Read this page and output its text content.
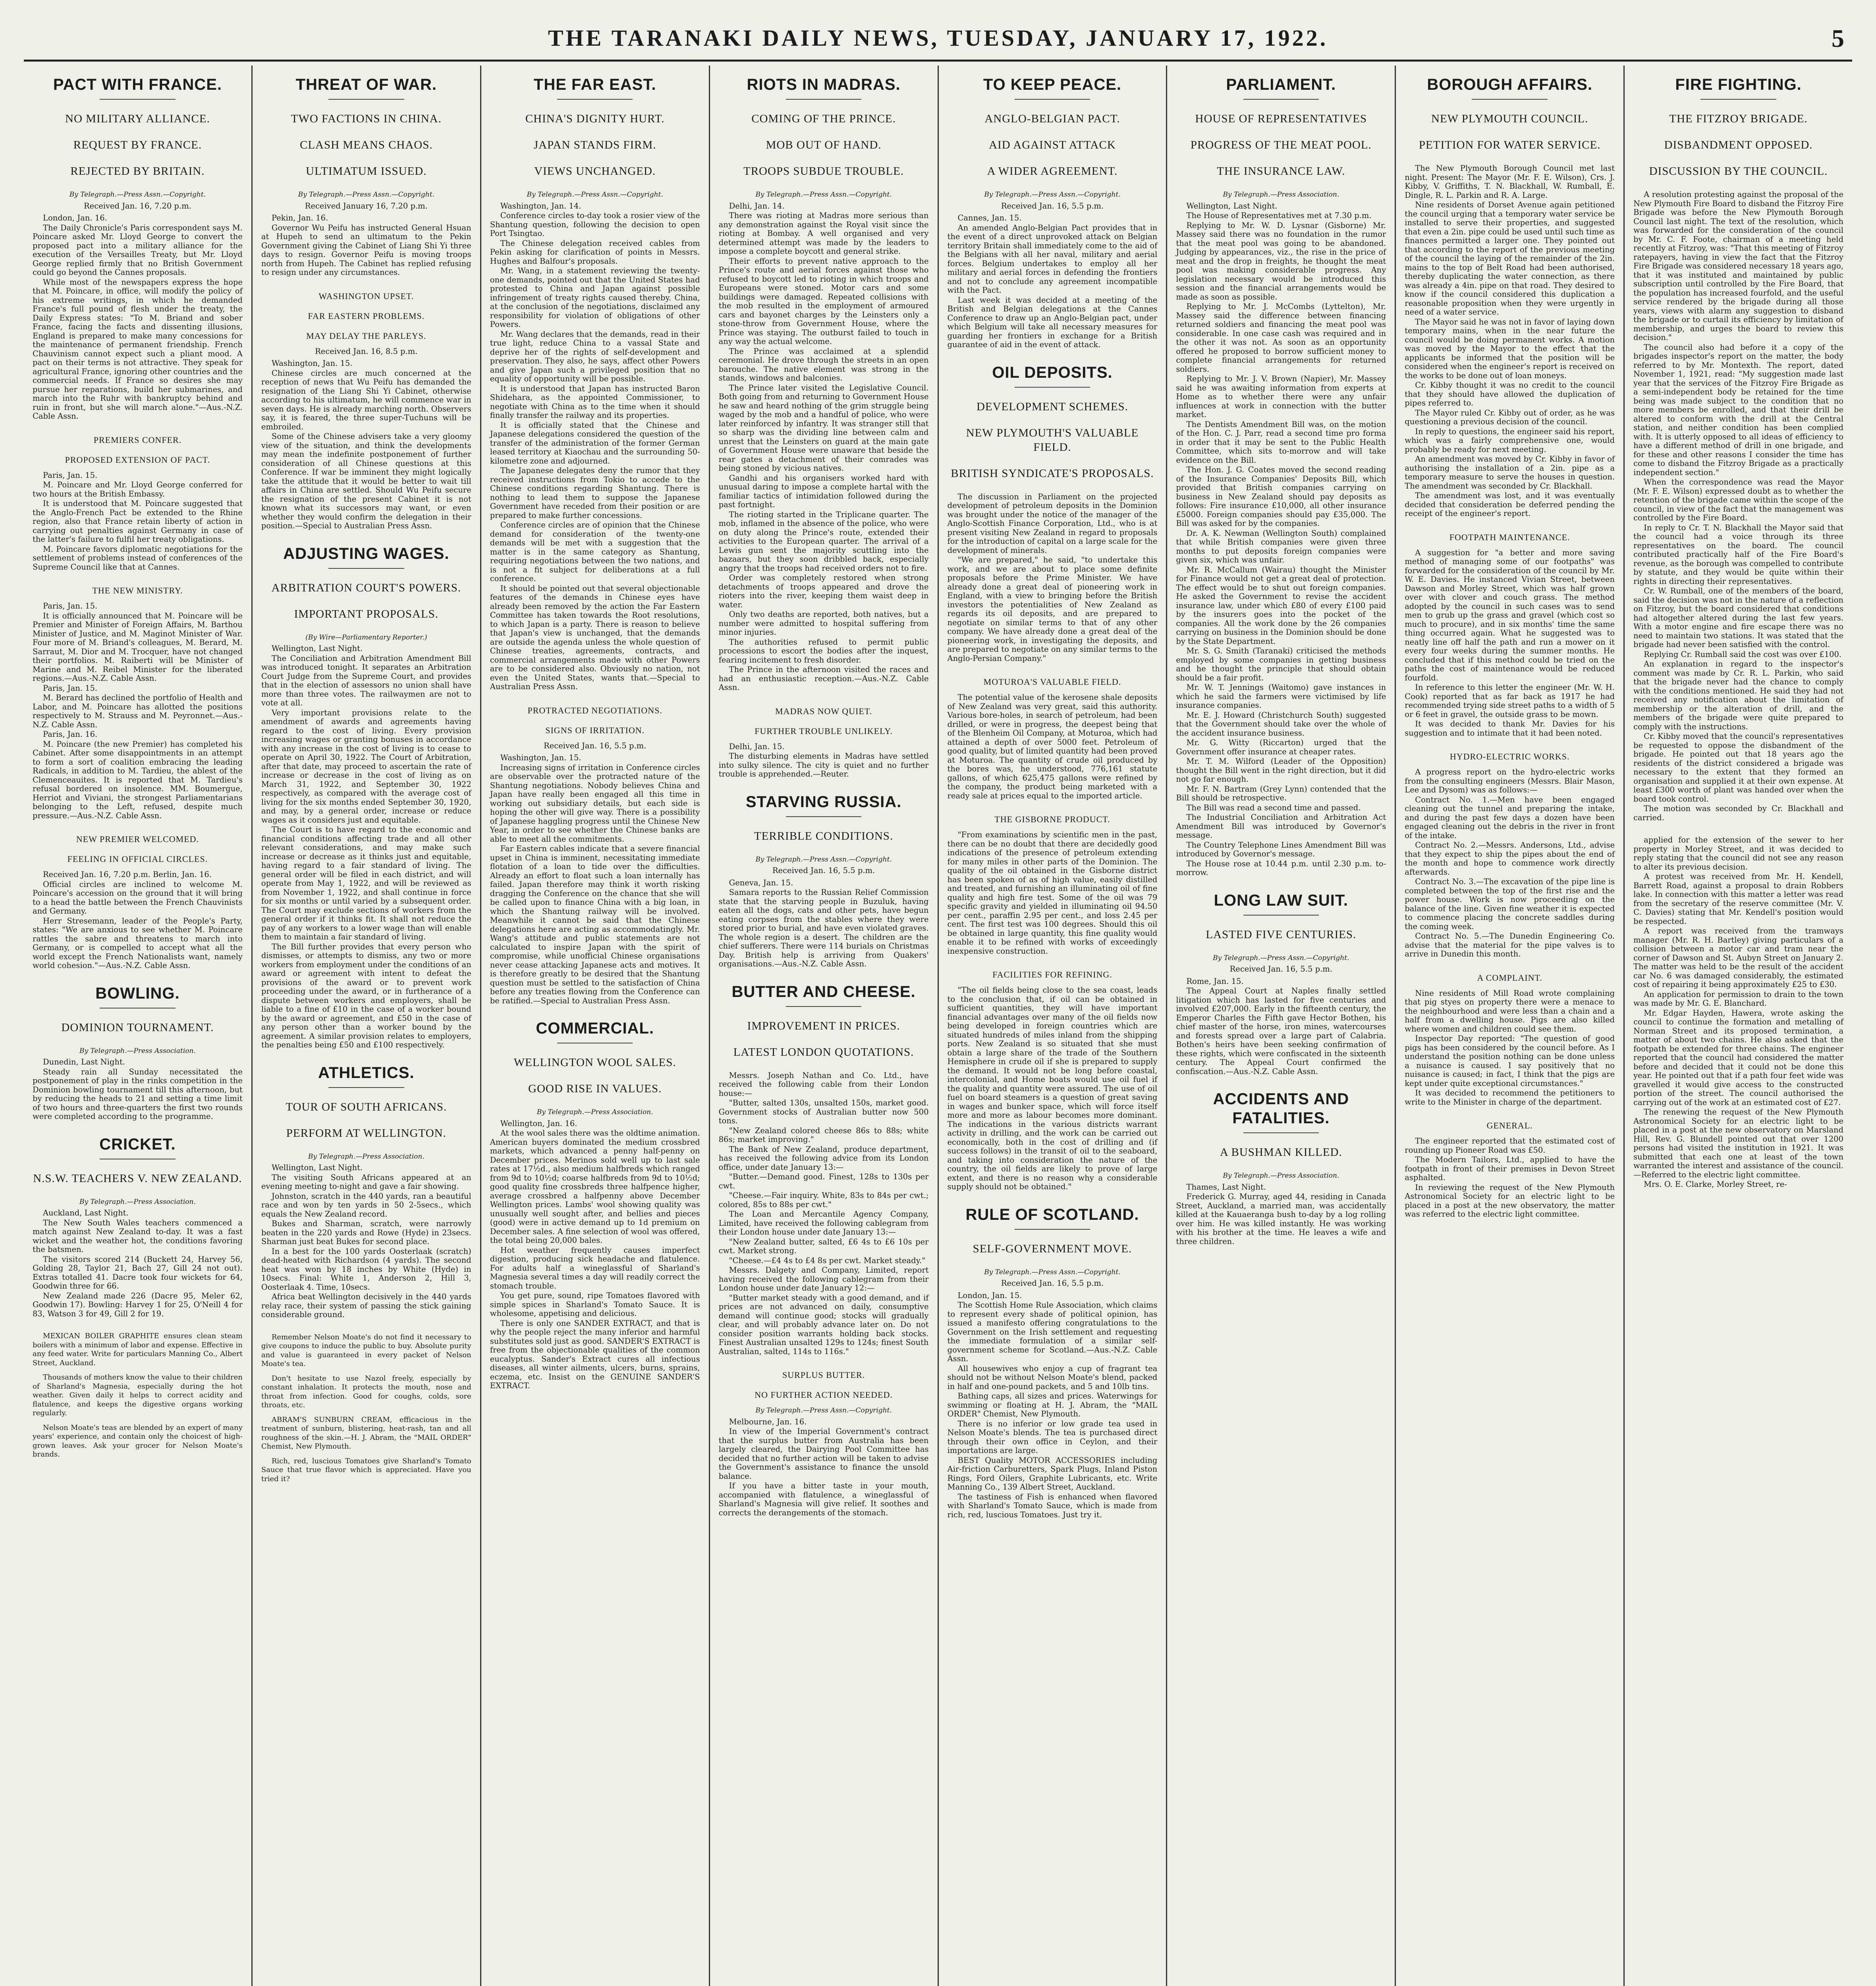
THE TARANAKI DAILY NEWS, TUESDAY, JANUARY 17, 1922.	5
PACT WITH FRANCE.
NO MILITARY ALLIANCE.
REQUEST BY FRANCE.
REJECTED BY BRITAIN.
By Telegraph.—Press Assn.—Copyright.
Received Jan. 16, 7.20 p.m.

London, Jan. 16.

The Daily Chronicle's Paris correspondent says M. Poincare asked Mr. Lloyd George to convert the proposed pact into a military alliance for the execution of the Versailles Treaty, but Mr. Lloyd George replied firmly that no British Government could go beyond the Cannes proposals.

While most of the newspapers express the hope that M. Poincare, in office, will modify the policy of his extreme writings, in which he demanded France's full pound of flesh under the treaty, the Daily Express states: "To M. Briand and sober France, facing the facts and dissenting illusions, England is prepared to make many concessions for the maintenance of permanent friendship. French Chauvinism cannot expect such a pliant mood. A pact on their terms is not attractive. They speak for agricultural France, ignoring other countries and the commercial needs. If France so desires she may pursue her reparations, build her submarines, and march into the Ruhr with bankruptcy behind and ruin in front, but she will march alone."—Aus.-N.Z. Cable Assn.

PREMIERS CONFER.
PROPOSED EXTENSION OF PACT.

Paris, Jan. 15.

M. Poincare and Mr. Lloyd George conferred for two hours at the British Embassy.

It is understood that M. Poincare suggested that the Anglo-French Pact be extended to the Rhine region, also that France retain liberty of action in carrying out penalties against Germany in case of the latter's failure to fulfil her treaty obligations.

M. Poincare favors diplomatic negotiations for the settlement of problems instead of conferences of the Supreme Council like that at Cannes.

THE NEW MINISTRY.

Paris, Jan. 15.

It is officially announced that M. Poincare will be Premier and Minister of Foreign Affairs, M. Barthou Minister of Justice, and M. Maginot Minister of War. Four more of M. Briand's colleagues, M. Berard, M. Sarraut, M. Dior and M. Trocquer, have not changed their portfolios. M. Raiberti will be Minister of Marine and M. Reibel Minister for the liberated regions.—Aus.-N.Z. Cable Assn.

Paris, Jan. 15.

M. Berard has declined the portfolio of Health and Labor, and M. Poincare has allotted the positions respectively to M. Strauss and M. Peyronnet.—Aus.-N.Z. Cable Assn.

Paris, Jan. 16.

M. Poincare (the new Premier) has completed his Cabinet. After some disappointments in an attempt to form a sort of coalition embracing the leading Radicals, in addition to M. Tardieu, the ablest of the Clemenceauites. It is reported that M. Tardieu's refusal bordered on insolence. MM. Boumergue, Herriot and Viviani, the strongest Parliamentarians belonging to the Left, refused, despite much pressure.—Aus.-N.Z. Cable Assn.

NEW PREMIER WELCOMED.
FEELING IN OFFICIAL CIRCLES.

Received Jan. 16, 7.20 p.m. Berlin, Jan. 16.

Official circles are inclined to welcome M. Poincare's accession on the ground that it will bring to a head the battle between the French Chauvinists and Germany.

Herr Stresemann, leader of the People's Party, states: "We are anxious to see whether M. Poincare rattles the sabre and threatens to march into Germany, or is compelled to accept what all the world except the French Nationalists want, namely world cohesion."—Aus.-N.Z. Cable Assn.

BOWLING.
DOMINION TOURNAMENT.
By Telegraph.—Press Association.

Dunedin, Last Night.

Steady rain all Sunday necessitated the postponement of play in the rinks competition in the Dominion bowling tournament till this afternoon, but by reducing the heads to 21 and setting a time limit of two hours and three-quarters the first two rounds were completed according to the programme.

CRICKET.
N.S.W. TEACHERS V. NEW ZEALAND.
By Telegraph.—Press Association.

Auckland, Last Night.

The New South Wales teachers commenced a match against New Zealand to-day. It was a fast wicket and the weather hot, the conditions favoring the batsmen.

The visitors scored 214 (Buckett 24, Harvey 56, Golding 28, Taylor 21, Bach 27, Gill 24 not out). Extras totalled 41. Dacre took four wickets for 64, Goodwin three for 66.

New Zealand made 226 (Dacre 95, Meler 62, Goodwin 17). Bowling: Harvey 1 for 25, O'Neill 4 for 83, Watson 3 for 49, Gill 2 for 19.

MEXICAN BOILER GRAPHITE ensures clean steam boilers with a minimum of labor and expense. Effective in any feed water. Write for particulars Manning Co., Albert Street, Auckland.

Thousands of mothers know the value to their children of Sharland's Magnesia, especially during the hot weather. Given daily it helps to correct acidity and flatulence, and keeps the digestive organs working regularly.

Nelson Moate's teas are blended by an expert of many years' experience, and contain only the choicest of high-grown leaves. Ask your grocer for Nelson Moate's brands.

THREAT OF WAR.
TWO FACTIONS IN CHINA.
CLASH MEANS CHAOS.
ULTIMATUM ISSUED.
By Telegraph.—Press Assn.—Copyright.
Received January 16, 7.20 p.m.

Pekin, Jan. 16.

Governor Wu Peifu has instructed General Hsuan at Hupeh to send an ultimatum to the Pekin Government giving the Cabinet of Liang Shi Yi three days to resign. Governor Peifu is moving troops north from Hupeh. The Cabinet has replied refusing to resign under any circumstances.

WASHINGTON UPSET.
FAR EASTERN PROBLEMS.
MAY DELAY THE PARLEYS.
Received Jan. 16, 8.5 p.m.

Washington, Jan. 15.

Chinese circles are much concerned at the reception of news that Wu Peifu has demanded the resignation of the Liang Shi Yi Cabinet, otherwise according to his ultimatum, he will commence war in seven days. He is already marching north. Observers say, it is feared, the three super-Tuchuns will be embroiled.

Some of the Chinese advisers take a very gloomy view of the situation, and think the developments may mean the indefinite postponement of further consideration of all Chinese questions at this Conference. If war be imminent they might logically take the attitude that it would be better to wait till affairs in China are settled. Should Wu Peifu secure the resignation of the present Cabinet it is not known what its successors may want, or even whether they would confirm the delegation in their position.—Special to Australian Press Assn.

ADJUSTING WAGES.
ARBITRATION COURT'S POWERS.
IMPORTANT PROPOSALS.
(By Wire—Parliamentary Reporter.)

Wellington, Last Night.

The Conciliation and Arbitration Amendment Bill was introduced tonight. It separates an Arbitration Court Judge from the Supreme Court, and provides that in the election of assessors no union shall have more than three votes. The railwaymen are not to vote at all.

Very important provisions relate to the amendment of awards and agreements having regard to the cost of living. Every provision increasing wages or granting bonuses in accordance with any increase in the cost of living is to cease to operate on April 30, 1922. The Court of Arbitration, after that date, may proceed to ascertain the rate of increase or decrease in the cost of living as on March 31, 1922, and September 30, 1922 respectively, as compared with the average cost of living for the six months ended September 30, 1920, and may, by a general order, increase or reduce wages as it considers just and equitable.

The Court is to have regard to the economic and financial conditions affecting trade and all other relevant considerations, and may make such increase or decrease as it thinks just and equitable, having regard to a fair standard of living. The general order will be filed in each district, and will operate from May 1, 1922, and will be reviewed as from November 1, 1922, and shall continue in force for six months or until varied by a subsequent order. The Court may exclude sections of workers from the general order if it thinks fit. It shall not reduce the pay of any workers to a lower wage than will enable them to maintain a fair standard of living.

The Bill further provides that every person who dismisses, or attempts to dismiss, any two or more workers from employment under the conditions of an award or agreement with intent to defeat the provisions of the award or to prevent work proceeding under the award, or in furtherance of a dispute between workers and employers, shall be liable to a fine of £10 in the case of a worker bound by the award or agreement, and £50 in the case of any person other than a worker bound by the agreement. A similar provision relates to employers, the penalties being £50 and £100 respectively.

ATHLETICS.
TOUR OF SOUTH AFRICANS.
PERFORM AT WELLINGTON.
By Telegraph.—Press Association.

Wellington, Last Night.

The visiting South Africans appeared at an evening meeting to-night and gave a fair showing.

Johnston, scratch in the 440 yards, ran a beautiful race and won by ten yards in 50 2-5secs., which equals the New Zealand record.

Bukes and Sharman, scratch, were narrowly beaten in the 220 yards and Rowe (Hyde) in 23secs. Sharman just beat Bukes for second place.

In a best for the 100 yards Oosterlaak (scratch) dead-heated with Richardson (4 yards). The second heat was won by 18 inches by White (Hyde) in 10secs. Final: White 1, Anderson 2, Hill 3, Oosterlaak 4. Time, 10secs.

Africa beat Wellington decisively in the 440 yards relay race, their system of passing the stick gaining considerable ground.

Remember Nelson Moate's do not find it necessary to give coupons to induce the public to buy. Absolute purity and value is guaranteed in every packet of Nelson Moate's tea.

Don't hesitate to use Nazol freely, especially by constant inhalation. It protects the mouth, nose and throat from infection. Good for coughs, colds, sore throats, etc.

ABRAM'S SUNBURN CREAM, efficacious in the treatment of sunburn, blistering, heat-rash, tan and all roughness of the skin.—H. J. Abram, the "MAIL ORDER" Chemist, New Plymouth.

Rich, red, luscious Tomatoes give Sharland's Tomato Sauce that true flavor which is appreciated. Have you tried it?

THE FAR EAST.
CHINA'S DIGNITY HURT.
JAPAN STANDS FIRM.
VIEWS UNCHANGED.
By Telegraph.—Press Assn.—Copyright.

Washington, Jan. 14.

Conference circles to-day took a rosier view of the Shantung question, following the decision to open Port Tsingtao.

The Chinese delegation received cables from Pekin asking for clarification of points in Messrs. Hughes and Balfour's proposals.

Mr. Wang, in a statement reviewing the twenty-one demands, pointed out that the United States had protested to China and Japan against possible infringement of treaty rights caused thereby. China, at the conclusion of the negotiations, disclaimed any responsibility for violation of obligations of other Powers.

Mr. Wang declares that the demands, read in their true light, reduce China to a vassal State and deprive her of the rights of self-development and preservation. They also, he says, affect other Powers and give Japan such a privileged position that no equality of opportunity will be possible.

It is understood that Japan has instructed Baron Shidehara, as the appointed Commissioner, to negotiate with China as to the time when it should finally transfer the railway and its properties.

It is officially stated that the Chinese and Japanese delegations considered the question of the transfer of the administration of the former German leased territory at Kiaochau and the surrounding 50-kilometre zone and adjourned.

The Japanese delegates deny the rumor that they received instructions from Tokio to accede to the Chinese conditions regarding Shantung. There is nothing to lead them to suppose the Japanese Government have receded from their position or are prepared to make further concessions.

Conference circles are of opinion that the Chinese demand for consideration of the twenty-one demands will be met with a suggestion that the matter is in the same category as Shantung, requiring negotiations between the two nations, and is not a fit subject for deliberations at a full conference.

It should be pointed out that several objectionable features of the demands in Chinese eyes have already been removed by the action the Far Eastern Committee has taken towards the Root resolutions, to which Japan is a party. There is reason to believe that Japan's view is unchanged, that the demands are outside the agenda unless the whole question of Chinese treaties, agreements, contracts, and commercial arrangements made with other Powers are to be considered also. Obviously no nation, not even the United States, wants that.—Special to Australian Press Assn.

PROTRACTED NEGOTIATIONS.
SIGNS OF IRRITATION.
Received Jan. 16, 5.5 p.m.

Washington, Jan. 15.

Increasing signs of irritation in Conference circles are observable over the protracted nature of the Shantung negotiations. Nobody believes China and Japan have really been engaged all this time in working out subsidiary details, but each side is hoping the other will give way. There is a possibility of Japanese haggling progress until the Chinese New Year, in order to see whether the Chinese banks are able to meet all the commitments.

Far Eastern cables indicate that a severe financial upset in China is imminent, necessitating immediate flotation of a loan to tide over the difficulties. Already an effort to float such a loan internally has failed. Japan therefore may think it worth risking dragging the Conference on the chance that she will be called upon to finance China with a big loan, in which the Shantung railway will be involved. Meanwhile it cannot be said that the Chinese delegations here are acting as accommodatingly. Mr. Wang's attitude and public statements are not calculated to inspire Japan with the spirit of compromise, while unofficial Chinese organisations never cease attacking Japanese acts and motives. It is therefore greatly to be desired that the Shantung question must be settled to the satisfaction of China before any treaties flowing from the Conference can be ratified.—Special to Australian Press Assn.

COMMERCIAL.
WELLINGTON WOOL SALES.
GOOD RISE IN VALUES.
By Telegraph.—Press Association.

Wellington, Jan. 16.

At the wool sales there was the oldtime animation. American buyers dominated the medium crossbred markets, which advanced a penny half-penny on December prices. Merinos sold well up to last sale rates at 17½d., also medium halfbreds which ranged from 9d to 10½d; coarse halfbreds from 9d to 10½d; good quality fine crossbreds three halfpence higher, average crossbred a halfpenny above December Wellington prices. Lambs' wool showing quality was unusually well sought after, and bellies and pieces (good) were in active demand up to 1d premium on December sales. A fine selection of wool was offered, the total being 20,000 bales.

Hot weather frequently causes imperfect digestion, producing sick headache and flatulence. For adults half a wineglassful of Sharland's Magnesia several times a day will readily correct the stomach trouble.

You get pure, sound, ripe Tomatoes flavored with simple spices in Sharland's Tomato Sauce. It is wholesome, appetising and delicious.

There is only one SANDER EXTRACT, and that is why the people reject the many inferior and harmful substitutes sold just as good. SANDER'S EXTRACT is free from the objectionable qualities of the common eucalyptus. Sander's Extract cures all infectious diseases, all winter ailments, ulcers, burns, sprains, eczema, etc. Insist on the GENUINE SANDER'S EXTRACT.

RIOTS IN MADRAS.
COMING OF THE PRINCE.
MOB OUT OF HAND.
TROOPS SUBDUE TROUBLE.
By Telegraph.—Press Assn.—Copyright.

Delhi, Jan. 14.

There was rioting at Madras more serious than any demonstration against the Royal visit since the rioting at Bombay. A well organised and very determined attempt was made by the leaders to impose a complete boycott and general strike.

Their efforts to prevent native approach to the Prince's route and aerial forces against those who refused to boycott led to rioting in which troops and Europeans were stoned. Motor cars and some buildings were damaged. Repeated collisions with the mob resulted in the employment of armoured cars and bayonet charges by the Leinsters only a stone-throw from Government House, where the Prince was staying. The outburst failed to touch in any way the actual welcome.

The Prince was acclaimed at a splendid ceremonial. He drove through the streets in an open barouche. The native element was strong in the stands, windows and balconies.

The Prince later visited the Legislative Council. Both going from and returning to Government House he saw and heard nothing of the grim struggle being waged by the mob and a handful of police, who were later reinforced by infantry. It was stranger still that so sharp was the dividing line between calm and unrest that the Leinsters on guard at the main gate of Government House were unaware that beside the rear gates a detachment of their comrades was being stoned by vicious natives.

Gandhi and his organisers worked hard with unusual daring to impose a complete hartal with the familiar tactics of intimidation followed during the past fortnight.

The rioting started in the Triplicane quarter. The mob, inflamed in the absence of the police, who were on duty along the Prince's route, extended their activities to the European quarter. The arrival of a Lewis gun sent the majority scuttling into the bazaars, but they soon dribbled back, especially angry that the troops had received orders not to fire.

Order was completely restored when strong detachments of troops appeared and drove the rioters into the river, keeping them waist deep in water.

Only two deaths are reported, both natives, but a number were admitted to hospital suffering from minor injuries.

The authorities refused to permit public processions to escort the bodies after the inquest, fearing incitement to fresh disorder.

The Prince in the afternoon visited the races and had an enthusiastic reception.—Aus.-N.Z. Cable Assn.

MADRAS NOW QUIET.
FURTHER TROUBLE UNLIKELY.

Delhi, Jan. 15.

The disturbing elements in Madras have settled into sulky silence. The city is quiet and no further trouble is apprehended.—Reuter.

STARVING RUSSIA.
TERRIBLE CONDITIONS.
By Telegraph.—Press Assn.—Copyright.
Received Jan. 16, 5.5 p.m.

Geneva, Jan. 15.

Samara reports to the Russian Relief Commission state that the starving people in Buzuluk, having eaten all the dogs, cats and other pets, have begun eating corpses from the stables where they were stored prior to burial, and have even violated graves. The whole region is a desert. The children are the chief sufferers. There were 114 burials on Christmas Day. British help is arriving from Quakers' organisations.—Aus.-N.Z. Cable Assn.

BUTTER AND CHEESE.
IMPROVEMENT IN PRICES.
LATEST LONDON QUOTATIONS.

Messrs. Joseph Nathan and Co. Ltd., have received the following cable from their London house:—

"Butter, salted 130s, unsalted 150s, market good. Government stocks of Australian butter now 500 tons.

"New Zealand colored cheese 86s to 88s; white 86s; market improving."

The Bank of New Zealand, produce department, has received the following advice from its London office, under date January 13:—

"Butter.—Demand good. Finest, 128s to 130s per cwt.

"Cheese.—Fair inquiry. White, 83s to 84s per cwt.; colored, 85s to 88s per cwt."

The Loan and Mercantile Agency Company, Limited, have received the following cablegram from their London house under date January 13:—

"New Zealand butter, salted, £6 4s to £6 10s per cwt. Market strong.

"Cheese.—£4 4s to £4 8s per cwt. Market steady."

Messrs. Dalgety and Company, Limited, report having received the following cablegram from their London house under date January 12:—

"Butter market steady with a good demand, and if prices are not advanced on daily, consumptive demand will continue good; stocks will gradually clear, and will probably advance later on. Do not consider position warrants holding back stocks. Finest Australian unsalted 129s to 124s; finest South Australian, salted, 114s to 116s."

SURPLUS BUTTER.
NO FURTHER ACTION NEEDED.
By Telegraph.—Press Assn.—Copyright.

Melbourne, Jan. 16.

In view of the Imperial Government's contract that the surplus butter from Australia has been largely cleared, the Dairying Pool Committee has decided that no further action will be taken to advise the Government's assistance to finance the unsold balance.

If you have a bitter taste in your mouth, accompanied with flatulence, a wineglassful of Sharland's Magnesia will give relief. It soothes and corrects the derangements of the stomach.

TO KEEP PEACE.
ANGLO-BELGIAN PACT.
AID AGAINST ATTACK
A WIDER AGREEMENT.
By Telegraph.—Press Assn.—Copyright.
Received Jan. 16, 5.5 p.m.

Cannes, Jan. 15.

An amended Anglo-Belgian Pact provides that in the event of a direct unprovoked attack on Belgian territory Britain shall immediately come to the aid of the Belgians with all her naval, military and aerial forces. Belgium undertakes to employ all her military and aerial forces in defending the frontiers and not to conclude any agreement incompatible with the Pact.

Last week it was decided at a meeting of the British and Belgian delegations at the Cannes Conference to draw up an Anglo-Belgian pact, under which Belgium will take all necessary measures for guarding her frontiers in exchange for a British guarantee of aid in the event of attack.

OIL DEPOSITS.
DEVELOPMENT SCHEMES.
NEW PLYMOUTH'S VALUABLE FIELD.
BRITISH SYNDICATE'S PROPOSALS.

The discussion in Parliament on the projected development of petroleum deposits in the Dominion was brought under the notice of the manager of the Anglo-Scottish Finance Corporation, Ltd., who is at present visiting New Zealand in regard to proposals for the introduction of capital on a large scale for the development of minerals.

"We are prepared," he said, "to undertake this work, and we are about to place some definite proposals before the Prime Minister. We have already done a great deal of pioneering work in England, with a view to bringing before the British investors the potentialities of New Zealand as regards its oil deposits, and are prepared to negotiate on similar terms to that of any other company. We have already done a great deal of the pioneering work, in investigating the deposits, and are prepared to negotiate on any similar terms to the Anglo-Persian Company."

MOTUROA'S VALUABLE FIELD.

The potential value of the kerosene shale deposits of New Zealand was very great, said this authority. Various bore-holes, in search of petroleum, had been drilled, or were in progress, the deepest being that of the Blenheim Oil Company, at Moturoa, which had attained a depth of over 5000 feet. Petroleum of good quality, but of limited quantity had been proved at Moturoa. The quantity of crude oil produced by the bores was, he understood, 776,161 statute gallons, of which 625,475 gallons were refined by the company, the product being marketed with a ready sale at prices equal to the imported article.

THE GISBORNE PRODUCT.

"From examinations by scientific men in the past, there can be no doubt that there are decidedly good indications of the presence of petroleum extending for many miles in other parts of the Dominion. The quality of the oil obtained in the Gisborne district has been spoken of as of high value, easily distilled and treated, and furnishing an illuminating oil of fine quality and high fire test. Some of the oil was 79 specific gravity and yielded in illuminating oil 94.50 per cent., paraffin 2.95 per cent., and loss 2.45 per cent. The first test was 100 degrees. Should this oil be obtained in large quantity, this fine quality would enable it to be refined with works of exceedingly inexpensive construction.

FACILITIES FOR REFINING.

"The oil fields being close to the sea coast, leads to the conclusion that, if oil can be obtained in sufficient quantities, they will have important financial advantages over many of the oil fields now being developed in foreign countries which are situated hundreds of miles inland from the shipping ports. New Zealand is so situated that she must obtain a large share of the trade of the Southern Hemisphere in crude oil if she is prepared to supply the demand. It would not be long before coastal, intercolonial, and Home boats would use oil fuel if the quality and quantity were assured. The use of oil fuel on board steamers is a question of great saving in wages and bunker space, which will force itself more and more as labour becomes more dominant. The indications in the various districts warrant activity in drilling, and the work can be carried out economically, both in the cost of drilling and (if success follows) in the transit of oil to the seaboard, and taking into consideration the nature of the country, the oil fields are likely to prove of large extent, and there is no reason why a considerable supply should not be obtained."

RULE OF SCOTLAND.
SELF-GOVERNMENT MOVE.
By Telegraph.—Press Assn.—Copyright.
Received Jan. 16, 5.5 p.m.

London, Jan. 15.

The Scottish Home Rule Association, which claims to represent every shade of political opinion, has issued a manifesto offering congratulations to the Government on the Irish settlement and requesting the immediate formulation of a similar self-government scheme for Scotland.—Aus.-N.Z. Cable Assn.

All housewives who enjoy a cup of fragrant tea should not be without Nelson Moate's blend, packed in half and one-pound packets, and 5 and 10lb tins.

Bathing caps, all sizes and prices. Waterwings for swimming or floating at H. J. Abram, the "MAIL ORDER" Chemist, New Plymouth.

There is no inferior or low grade tea used in Nelson Moate's blends. The tea is purchased direct through their own office in Ceylon, and their importations are large.

BEST Quality MOTOR ACCESSORIES including Air-friction Carburetters, Spark Plugs, Inland Piston Rings, Ford Oilers, Graphite Lubricants, etc. Write Manning Co., 139 Albert Street, Auckland.

The tastiness of Fish is enhanced when flavored with Sharland's Tomato Sauce, which is made from rich, red, luscious Tomatoes. Just try it.

PARLIAMENT.
HOUSE OF REPRESENTATIVES
PROGRESS OF THE MEAT POOL.
THE INSURANCE LAW.
By Telegraph.—Press Association.

Wellington, Last Night.

The House of Representatives met at 7.30 p.m.

Replying to Mr. W. D. Lysnar (Gisborne) Mr. Massey said there was no foundation in the rumor that the meat pool was going to be abandoned. Judging by appearances, viz., the rise in the price of meat and the drop in freights, he thought the meat pool was making considerable progress. Any legislation necessary would be introduced this session and the financial arrangements would be made as soon as possible.

Replying to Mr. J. McCombs (Lyttelton), Mr. Massey said the difference between financing returned soldiers and financing the meat pool was considerable. In one case cash was required and in the other it was not. As soon as an opportunity offered he proposed to borrow sufficient money to complete financial arrangements for returned soldiers.

Replying to Mr. J. V. Brown (Napier), Mr. Massey said he was awaiting information from experts at Home as to whether there were any unfair influences at work in connection with the butter market.

The Dentists Amendment Bill was, on the motion of the Hon. C. J. Parr, read a second time pro forma in order that it may be sent to the Public Health Committee, which sits to-morrow and will take evidence on the Bill.

The Hon. J. G. Coates moved the second reading of the Insurance Companies' Deposits Bill, which provided that British companies carrying on business in New Zealand should pay deposits as follows: Fire insurance £10,000, all other insurance £5000. Foreign companies should pay £35,000. The Bill was asked for by the companies.

Dr. A. K. Newman (Wellington South) complained that while British companies were given three months to put deposits foreign companies were given six, which was unfair.

Mr. R. McCallum (Wairau) thought the Minister for Finance would not get a great deal of protection. The effect would be to shut out foreign companies. He asked the Government to revise the accident insurance law, under which £80 of every £100 paid by the insurers goes into the pocket of the companies. All the work done by the 26 companies carrying on business in the Dominion should be done by the State Department.

Mr. S. G. Smith (Taranaki) criticised the methods employed by some companies in getting business and he thought the principle that should obtain should be a fair profit.

Mr. W. T. Jennings (Waitomo) gave instances in which he said the farmers were victimised by life insurance companies.

Mr. E. J. Howard (Christchurch South) suggested that the Government should take over the whole of the accident insurance business.

Mr. G. Witty (Riccarton) urged that the Government offer insurance at cheaper rates.

Mr. T. M. Wilford (Leader of the Opposition) thought the Bill went in the right direction, but it did not go far enough.

Mr. F. N. Bartram (Grey Lynn) contended that the Bill should be retrospective.

The Bill was read a second time and passed.

The Industrial Conciliation and Arbitration Act Amendment Bill was introduced by Governor's message.

The Country Telephone Lines Amendment Bill was introduced by Governor's message.

The House rose at 10.44 p.m. until 2.30 p.m. to-morrow.

LONG LAW SUIT.
LASTED FIVE CENTURIES.
By Telegraph.—Press Assn.—Copyright.
Received Jan. 16, 5.5 p.m.

Rome, Jan. 15.

The Appeal Court at Naples finally settled litigation which has lasted for five centuries and involved £207,000. Early in the fifteenth century, the Emperor Charles the Fifth gave Hector Bothen, his chief master of the horse, iron mines, watercourses and forests spread over a large part of Calabria. Bothen's heirs have been seeking confirmation of these rights, which were confiscated in the sixteenth century. The Appeal Court confirmed the confiscation.—Aus.-N.Z. Cable Assn.

ACCIDENTS AND FATALITIES.
A BUSHMAN KILLED.
By Telegraph.—Press Association.

Thames, Last Night.

Frederick G. Murray, aged 44, residing in Canada Street, Auckland, a married man, was accidentally killed at the Kauaeranga bush to-day by a log rolling over him. He was killed instantly. He was working with his brother at the time. He leaves a wife and three children.

BOROUGH AFFAIRS.
NEW PLYMOUTH COUNCIL.
PETITION FOR WATER SERVICE.

The New Plymouth Borough Council met last night. Present: The Mayor (Mr. F. E. Wilson), Crs. J. Kibby, V. Griffiths, T. N. Blackhall, W. Rumball, E. Dingle, R. L. Parkin and R. A. Large.

Nine residents of Dorset Avenue again petitioned the council urging that a temporary water service be installed to serve their properties, and suggested that even a 2in. pipe could be used until such time as finances permitted a larger one. They pointed out that according to the report of the previous meeting of the council the laying of the remainder of the 2in. mains to the top of Belt Road had been authorised, thereby duplicating the water connection, as there was already a 4in. pipe on that road. They desired to know if the council considered this duplication a reasonable proposition when they were urgently in need of a water service.

The Mayor said he was not in favor of laying down temporary mains, when in the near future the council would be doing permanent works. A motion was moved by the Mayor to the effect that the applicants be informed that the position will be considered when the engineer's report is received on the works to be done out of loan moneys.

Cr. Kibby thought it was no credit to the council that they should have allowed the duplication of pipes referred to.

The Mayor ruled Cr. Kibby out of order, as he was questioning a previous decision of the council.

In reply to questions, the engineer said his report, which was a fairly comprehensive one, would probably be ready for next meeting.

An amendment was moved by Cr. Kibby in favor of authorising the installation of a 2in. pipe as a temporary measure to serve the houses in question. The amendment was seconded by Cr. Blackhall.

The amendment was lost, and it was eventually decided that consideration be deferred pending the receipt of the engineer's report.

FOOTPATH MAINTENANCE.

A suggestion for "a better and more saving method of managing some of our footpaths" was forwarded for the consideration of the council by Mr. W. E. Davies. He instanced Vivian Street, between Dawson and Morley Street, which was half grown over with clover and couch grass. The method adopted by the council in such cases was to send men to grub up the grass and gravel (which cost so much to procure), and in six months' time the same thing occurred again. What he suggested was to neatly line off half the path and run a mower on it every four weeks during the summer months. He concluded that if this method could be tried on the paths the cost of maintenance would be reduced fourfold.

In reference to this letter the engineer (Mr. W. H. Cook) reported that as far back as 1917 he had recommended trying side street paths to a width of 5 or 6 feet in gravel, the outside grass to be mown.

It was decided to thank Mr. Davies for his suggestion and to intimate that it had been noted.

HYDRO-ELECTRIC WORKS.

A progress report on the hydro-electric works from the consulting engineers (Messrs. Blair Mason, Lee and Dysom) was as follows:—

Contract No. 1.—Men have been engaged cleaning out the tunnel and preparing the intake, and during the past few days a dozen have been engaged cleaning out the debris in the river in front of the intake.

Contract No. 2.—Messrs. Andersons, Ltd., advise that they expect to ship the pipes about the end of the month and hope to commence work directly afterwards.

Contract No. 3.—The excavation of the pipe line is completed between the top of the first rise and the power house. Work is now proceeding on the balance of the line. Given fine weather it is expected to commence placing the concrete saddles during the coming week.

Contract No. 5.—The Dunedin Engineering Co. advise that the material for the pipe valves is to arrive in Dunedin this month.

A COMPLAINT.

Nine residents of Mill Road wrote complaining that pig styes on property there were a menace to the neighbourhood and were less than a chain and a half from a dwelling house. Pigs are also killed where women and children could see them.

Inspector Day reported: "The question of good pigs has been considered by the council before. As I understand the position nothing can be done unless a nuisance is caused. I say positively that no nuisance is caused; in fact, I think that the pigs are kept under quite exceptional circumstances."

It was decided to recommend the petitioners to write to the Minister in charge of the department.

GENERAL.

The engineer reported that the estimated cost of rounding up Pioneer Road was £50.

The Modern Tailors, Ltd., applied to have the footpath in front of their premises in Devon Street asphalted.

In reviewing the request of the New Plymouth Astronomical Society for an electric light to be placed in a post at the new observatory, the matter was referred to the electric light committee.

FIRE FIGHTING.
THE FITZROY BRIGADE.
DISBANDMENT OPPOSED.
DISCUSSION BY THE COUNCIL.

A resolution protesting against the proposal of the New Plymouth Fire Board to disband the Fitzroy Fire Brigade was before the New Plymouth Borough Council last night. The text of the resolution, which was forwarded for the consideration of the council by Mr. C. F. Foote, chairman of a meeting held recently at Fitzroy, was: "That this meeting of Fitzroy ratepayers, having in view the fact that the Fitzroy Fire Brigade was considered necessary 18 years ago, that it was instituted and maintained by public subscription until controlled by the Fire Board, that the population has increased fourfold, and the useful service rendered by the brigade during all those years, views with alarm any suggestion to disband the brigade or to curtail its efficiency by limitation of membership, and urges the board to review this decision."

The council also had before it a copy of the brigades inspector's report on the matter, the body referred to by Mr. Montexth. The report, dated November 1, 1921, read: "My suggestion made last year that the services of the Fitzroy Fire Brigade as a semi-independent body be retained for the time being was made subject to the condition that no more members be enrolled, and that their drill be altered to conform with the drill at the Central station, and neither condition has been complied with. It is utterly opposed to all ideas of efficiency to have a different method of drill in one brigade, and for these and other reasons I consider the time has come to disband the Fitzroy Brigade as a practically independent section."

When the correspondence was read the Mayor (Mr. F. E. Wilson) expressed doubt as to whether the retention of the brigade came within the scope of the council, in view of the fact that the management was controlled by the Fire Board.

In reply to Cr. T. N. Blackhall the Mayor said that the council had a voice through its three representatives on the board. The council contributed practically half of the Fire Board's revenue, as the borough was compelled to contribute by statute, and they would be quite within their rights in directing their representatives.

Cr. W. Rumball, one of the members of the board, said the decision was not in the nature of a reflection on Fitzroy, but the board considered that conditions had altogether altered during the last few years. With a motor engine and fire escape there was no need to maintain two stations. It was stated that the brigade had never been satisfied with the control.

Replying Cr. Rumball said the cost was over £100.

An explanation in regard to the inspector's comment was made by Cr. R. L. Parkin, who said that the brigade never had the chance to comply with the conditions mentioned. He said they had not received any notification about the limitation of membership or the alteration of drill, and the members of the brigade were quite prepared to comply with the instructions.

Cr. Kibby moved that the council's representatives be requested to oppose the disbandment of the brigade. He pointed out that 18 years ago the residents of the district considered a brigade was necessary to the extent that they formed an organisation and supplied it at their own expense. At least £300 worth of plant was handed over when the board took control.

The motion was seconded by Cr. Blackhall and carried.

applied for the extension of the sewer to her property in Morley Street, and it was decided to reply stating that the council did not see any reason to alter its previous decision.

A protest was received from Mr. H. Kendell, Barrett Road, against a proposal to drain Robbers lake. In connection with this matter a letter was read from the secretary of the reserve committee (Mr. V. C. Davies) stating that Mr. Kendell's position would be respected.

A report was received from the tramways manager (Mr. R. H. Bartley) giving particulars of a collision between a motor car and tram near the corner of Dawson and St. Aubyn Street on January 2. The matter was held to be the result of the accident car No. 6 was damaged considerably, the estimated cost of repairing it being approximately £25 to £30.

An application for permission to drain to the town was made by Mr. G. E. Blanchard.

Mr. Edgar Hayden, Hawera, wrote asking the council to continue the formation and metalling of Norman Street and its proposed termination, a matter of about two chains. He also asked that the footpath be extended for three chains. The engineer reported that the council had considered the matter before and decided that it could not be done this year. He pointed out that if a path four feet wide was gravelled it would give access to the constructed portion of the street. The council authorised the carrying out of the work at an estimated cost of £27.

The renewing the request of the New Plymouth Astronomical Society for an electric light to be placed in a post at the new observatory on Marsland Hill, Rev. G. Blundell pointed out that over 1200 persons had visited the institution in 1921. It was submitted that each one at least of the town warranted the interest and assistance of the council.—Referred to the electric light committee.

Mrs. O. E. Clarke, Morley Street, re-
